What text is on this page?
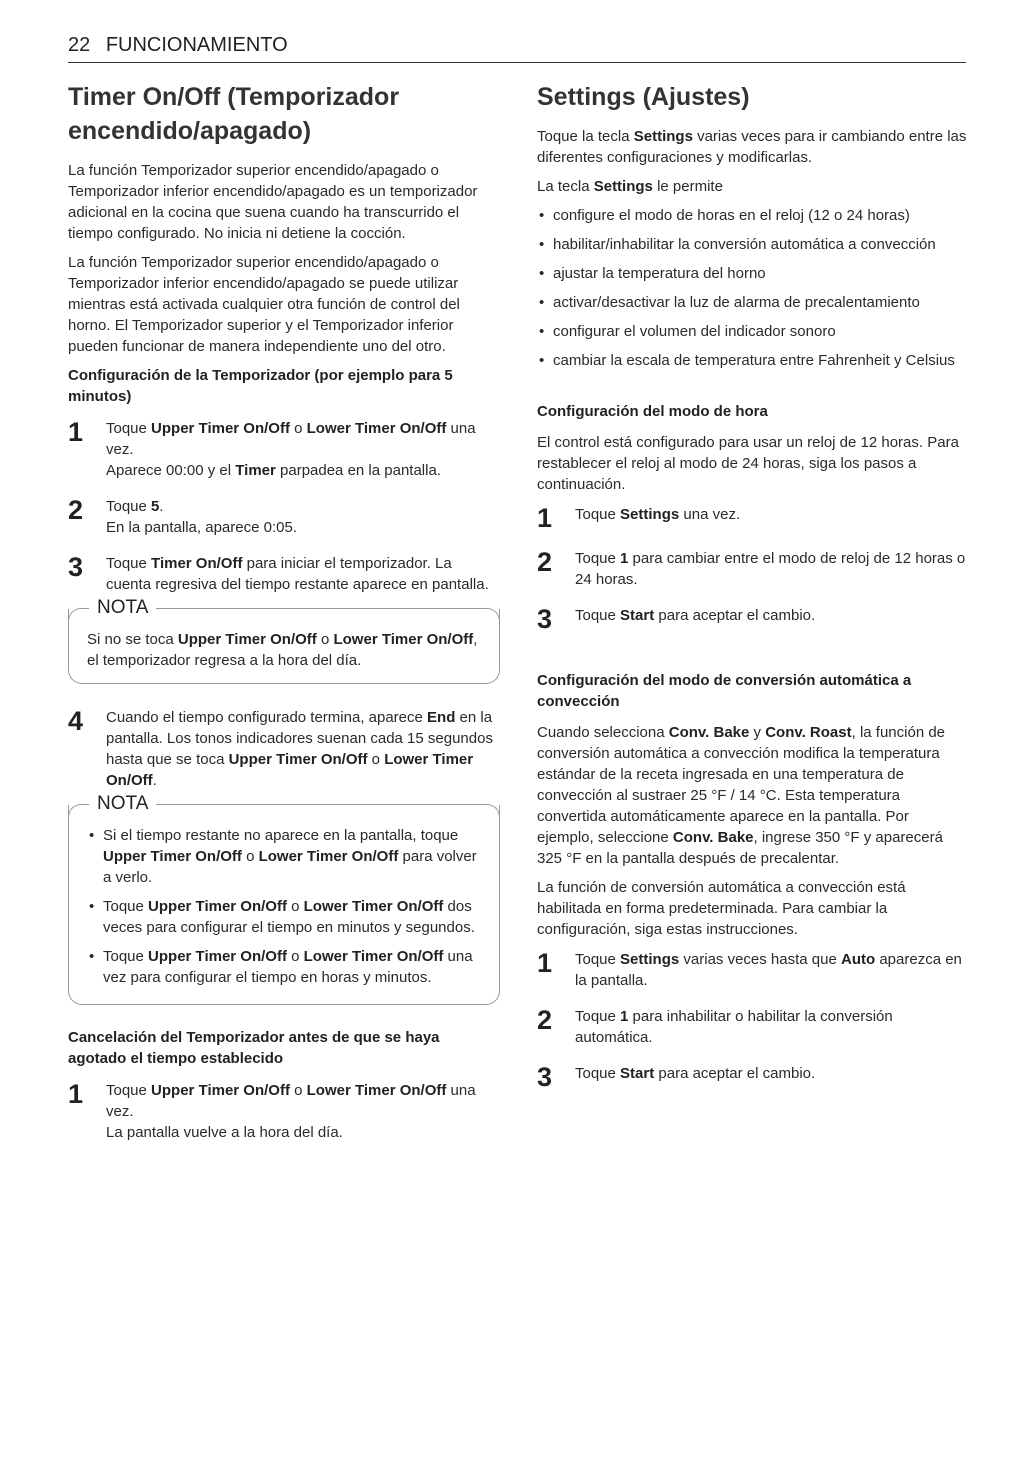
22 FUNCIONAMIENTO
Timer On/Off (Temporizador encendido/apagado)

La función Temporizador superior encendido/apagado o Temporizador inferior encendido/apagado es un temporizador adicional en la cocina que suena cuando ha transcurrido el tiempo configurado. No inicia ni detiene la cocción.

La función Temporizador superior encendido/apagado o Temporizador inferior encendido/apagado se puede utilizar mientras está activada cualquier otra función de control del horno. El Temporizador superior y el Temporizador inferior pueden funcionar de manera independiente uno del otro.

Configuración de la Temporizador (por ejemplo para 5 minutos)
1	Toque Upper Timer On/Off o Lower Timer On/Off una vez.
Aparece 00:00 y el Timer parpadea en la pantalla.
2	Toque 5.
En la pantalla, aparece 0:05.
3	Toque Timer On/Off para iniciar el temporizador. La cuenta regresiva del tiempo restante aparece en pantalla.
NOTA

Si no se toca Upper Timer On/Off o Lower Timer On/Off, el temporizador regresa a la hora del día.

4	Cuando el tiempo configurado termina, aparece End en la pantalla. Los tonos indicadores suenan cada 15 segundos hasta que se toca Upper Timer On/Off o Lower Timer On/Off.
NOTA
• Si el tiempo restante no aparece en la pantalla, toque Upper Timer On/Off o Lower Timer On/Off para volver a verlo.
• Toque Upper Timer On/Off o Lower Timer On/Off dos veces para configurar el tiempo en minutos y segundos.
• Toque Upper Timer On/Off o Lower Timer On/Off una vez para configurar el tiempo en horas y minutos.
Cancelación del Temporizador antes de que se haya agotado el tiempo establecido
1	Toque Upper Timer On/Off o Lower Timer On/Off una vez.
La pantalla vuelve a la hora del día.
Settings (Ajustes)

Toque la tecla Settings varias veces para ir cambiando entre las diferentes configuraciones y modificarlas.

La tecla Settings le permite

• configure el modo de horas en el reloj (12 o 24 horas)
• habilitar/inhabilitar la conversión automática a convección
• ajustar la temperatura del horno
• activar/desactivar la luz de alarma de precalentamiento
• configurar el volumen del indicador sonoro
• cambiar la escala de temperatura entre Fahrenheit y Celsius
Configuración del modo de hora

El control está configurado para usar un reloj de 12 horas. Para restablecer el reloj al modo de 24 horas, siga los pasos a continuación.

1	Toque Settings una vez.
2	Toque 1 para cambiar entre el modo de reloj de 12 horas o 24 horas.
3	Toque Start para aceptar el cambio.
Configuración del modo de conversión automática a convección

Cuando selecciona Conv. Bake y Conv. Roast, la función de conversión automática a convección modifica la temperatura estándar de la receta ingresada en una temperatura de convección al sustraer 25 °F / 14 °C. Esta temperatura convertida automáticamente aparece en la pantalla. Por ejemplo, seleccione Conv. Bake, ingrese 350 °F y aparecerá 325 °F en la pantalla después de precalentar.

La función de conversión automática a convección está habilitada en forma predeterminada. Para cambiar la configuración, siga estas instrucciones.

1	Toque Settings varias veces hasta que Auto aparezca en la pantalla.
2	Toque 1 para inhabilitar o habilitar la conversión automática.
3	Toque Start para aceptar el cambio.
